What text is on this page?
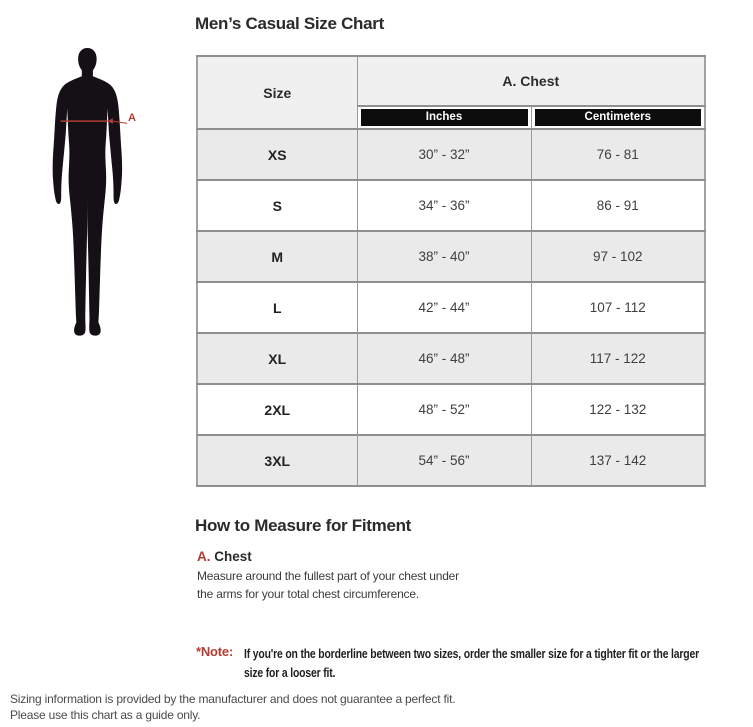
A
Men’s Casual Size Chart
Size	A. Chest	

	Inches	Centimeters

XS	30” - 32”	76 - 81
S	34” - 36”	86 - 91
M	38” - 40”	97 - 102
L	42” - 44”	107 - 112
XL	46” - 48”	117 - 122
2XL	48” - 52”	122 - 132
3XL	54” - 56”	137 - 142
How to Measure for Fitment
A. Chest
Measure around the fullest part of your chest under the arms for your total chest circumference.
*Note: If you're on the borderline between two sizes, order the smaller size for a tighter fit or the larger size for a looser fit.
Sizing information is provided by the manufacturer and does not guarantee a perfect fit.
Please use this chart as a guide only.
